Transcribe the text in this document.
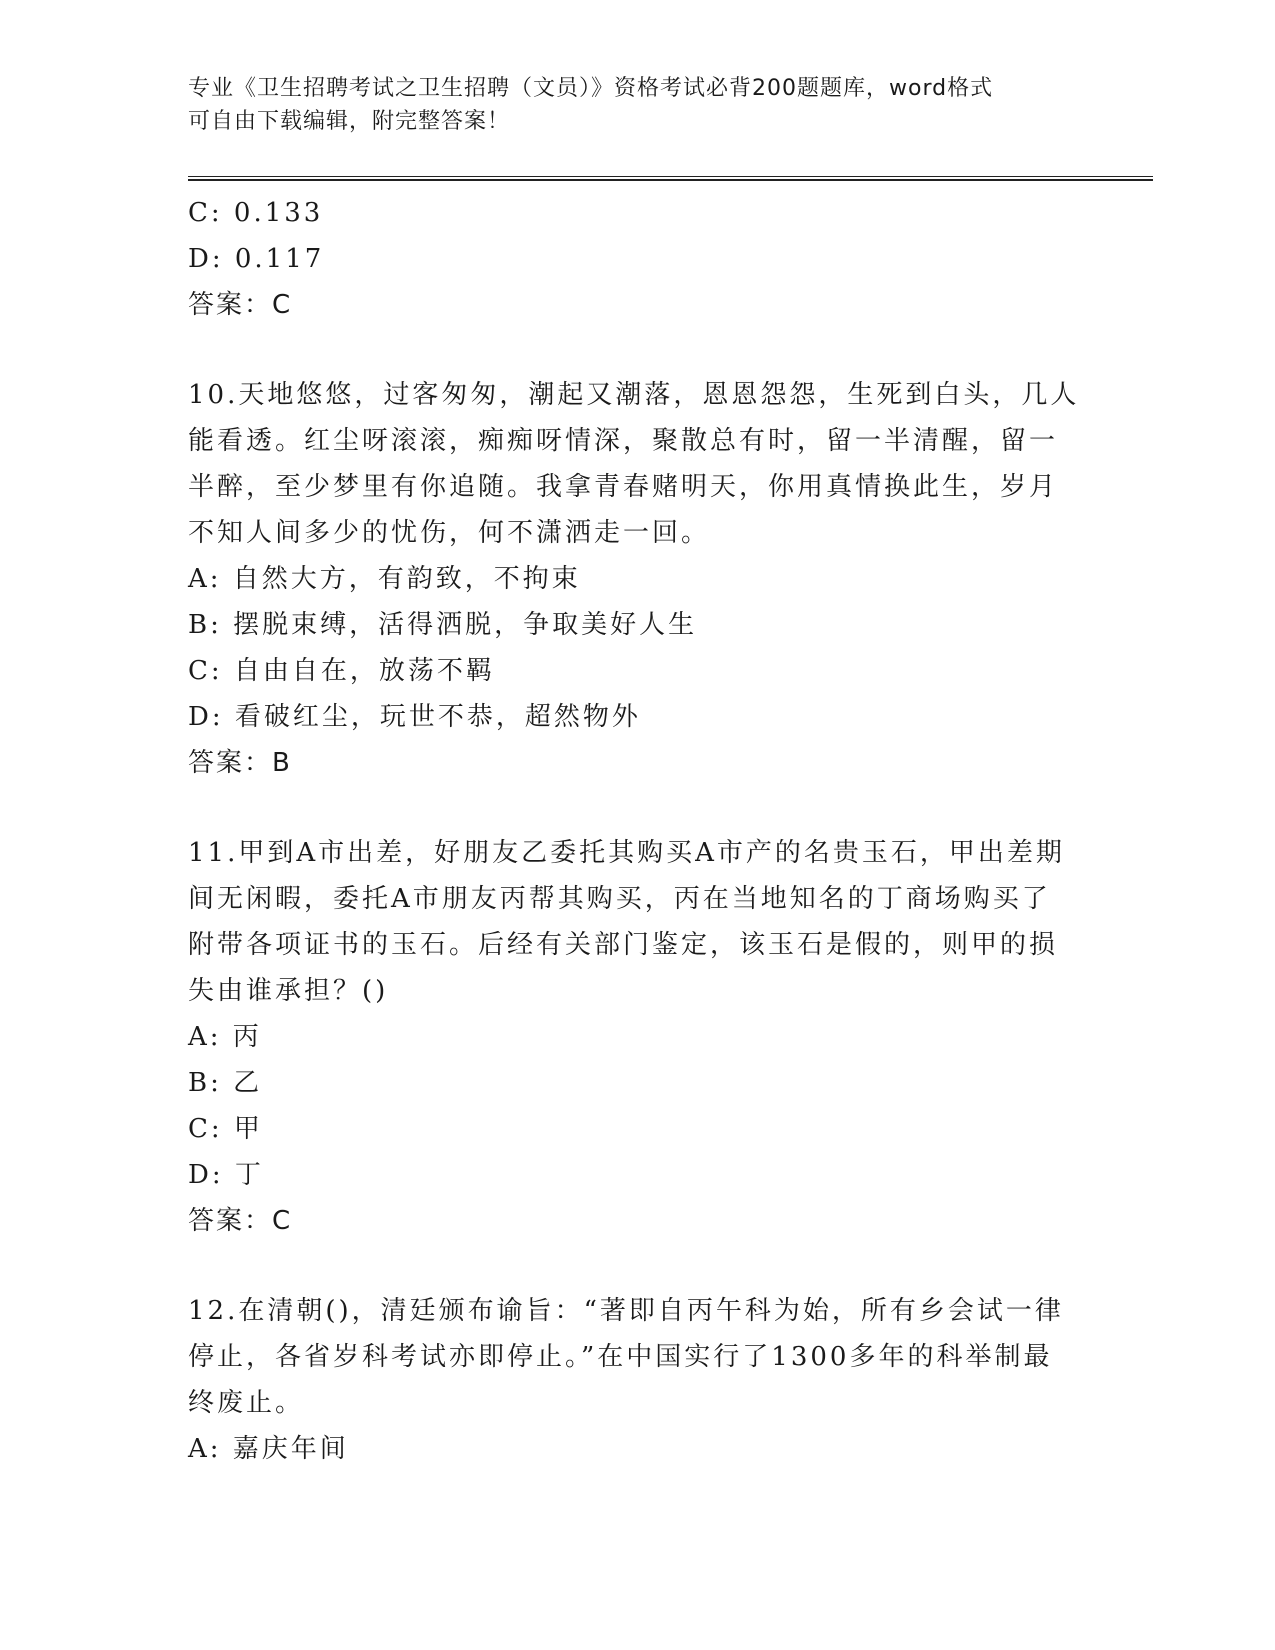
专业《卫生招聘考试之卫生招聘（文员）》资格考试必背200题题库，word格式
可自由下载编辑，附完整答案！
C: 0.133
D: 0.117
答案：C
10.天地悠悠，过客匆匆，潮起又潮落，恩恩怨怨，生死到白头，几人
能看透。红尘呀滚滚，痴痴呀情深，聚散总有时，留一半清醒，留一
半醉，至少梦里有你追随。我拿青春赌明天，你用真情换此生，岁月
不知人间多少的忧伤，何不潇洒走一回。
A: 自然大方，有韵致，不拘束
B: 摆脱束缚，活得洒脱，争取美好人生
C: 自由自在，放荡不羁
D: 看破红尘，玩世不恭，超然物外
答案：B
11.甲到A市出差，好朋友乙委托其购买A市产的名贵玉石，甲出差期
间无闲暇，委托A市朋友丙帮其购买，丙在当地知名的丁商场购买了
附带各项证书的玉石。后经有关部门鉴定，该玉石是假的，则甲的损
失由谁承担？()
A: 丙
B: 乙
C: 甲
D: 丁
答案：C
12.在清朝()，清廷颁布谕旨：“著即自丙午科为始，所有乡会试一律
停止，各省岁科考试亦即停止。”在中国实行了1300多年的科举制最
终废止。
A: 嘉庆年间
